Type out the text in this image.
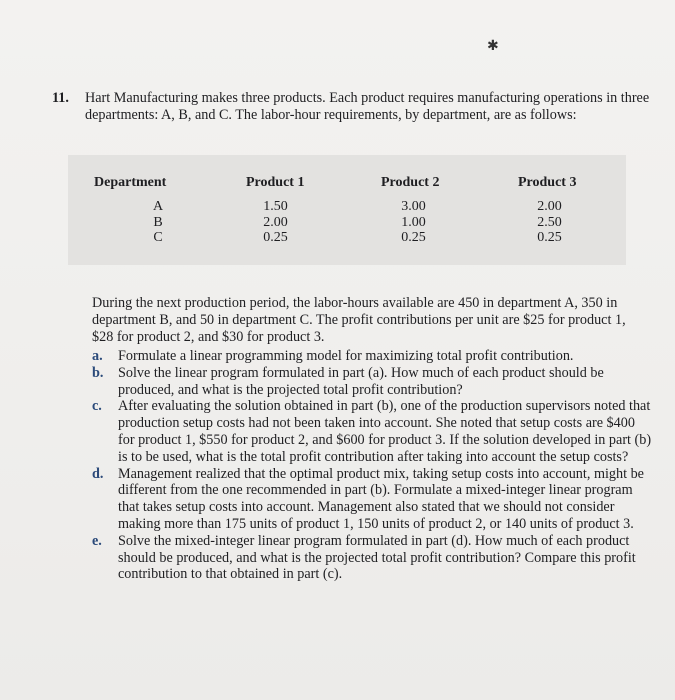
✱
11. Hart Manufacturing makes three products. Each product requires manufacturing operations in three departments: A, B, and C. The labor-hour requirements, by department, are as follows:
Department
A
B
C
Product 1
1.50
2.00
0.25
Product 2
3.00
1.00
0.25
Product 3
2.00
2.50
0.25
During the next production period, the labor-hours available are 450 in department A, 350 in department B, and 50 in department C. The profit contributions per unit are $25 for product 1, $28 for product 2, and $30 for product 3.
a. Formulate a linear programming model for maximizing total profit contribution.
b. Solve the linear program formulated in part (a). How much of each product should be produced, and what is the projected total profit contribution?
c. After evaluating the solution obtained in part (b), one of the production supervisors noted that production setup costs had not been taken into account. She noted that setup costs are $400 for product 1, $550 for product 2, and $600 for product 3. If the solution developed in part (b) is to be used, what is the total profit contribution after taking into account the setup costs?
d. Management realized that the optimal product mix, taking setup costs into account, might be different from the one recommended in part (b). Formulate a mixed-integer linear program that takes setup costs into account. Management also stated that we should not consider making more than 175 units of product 1, 150 units of product 2, or 140 units of product 3.
e. Solve the mixed-integer linear program formulated in part (d). How much of each product should be produced, and what is the projected total profit contribution? Compare this profit contribution to that obtained in part (c).
